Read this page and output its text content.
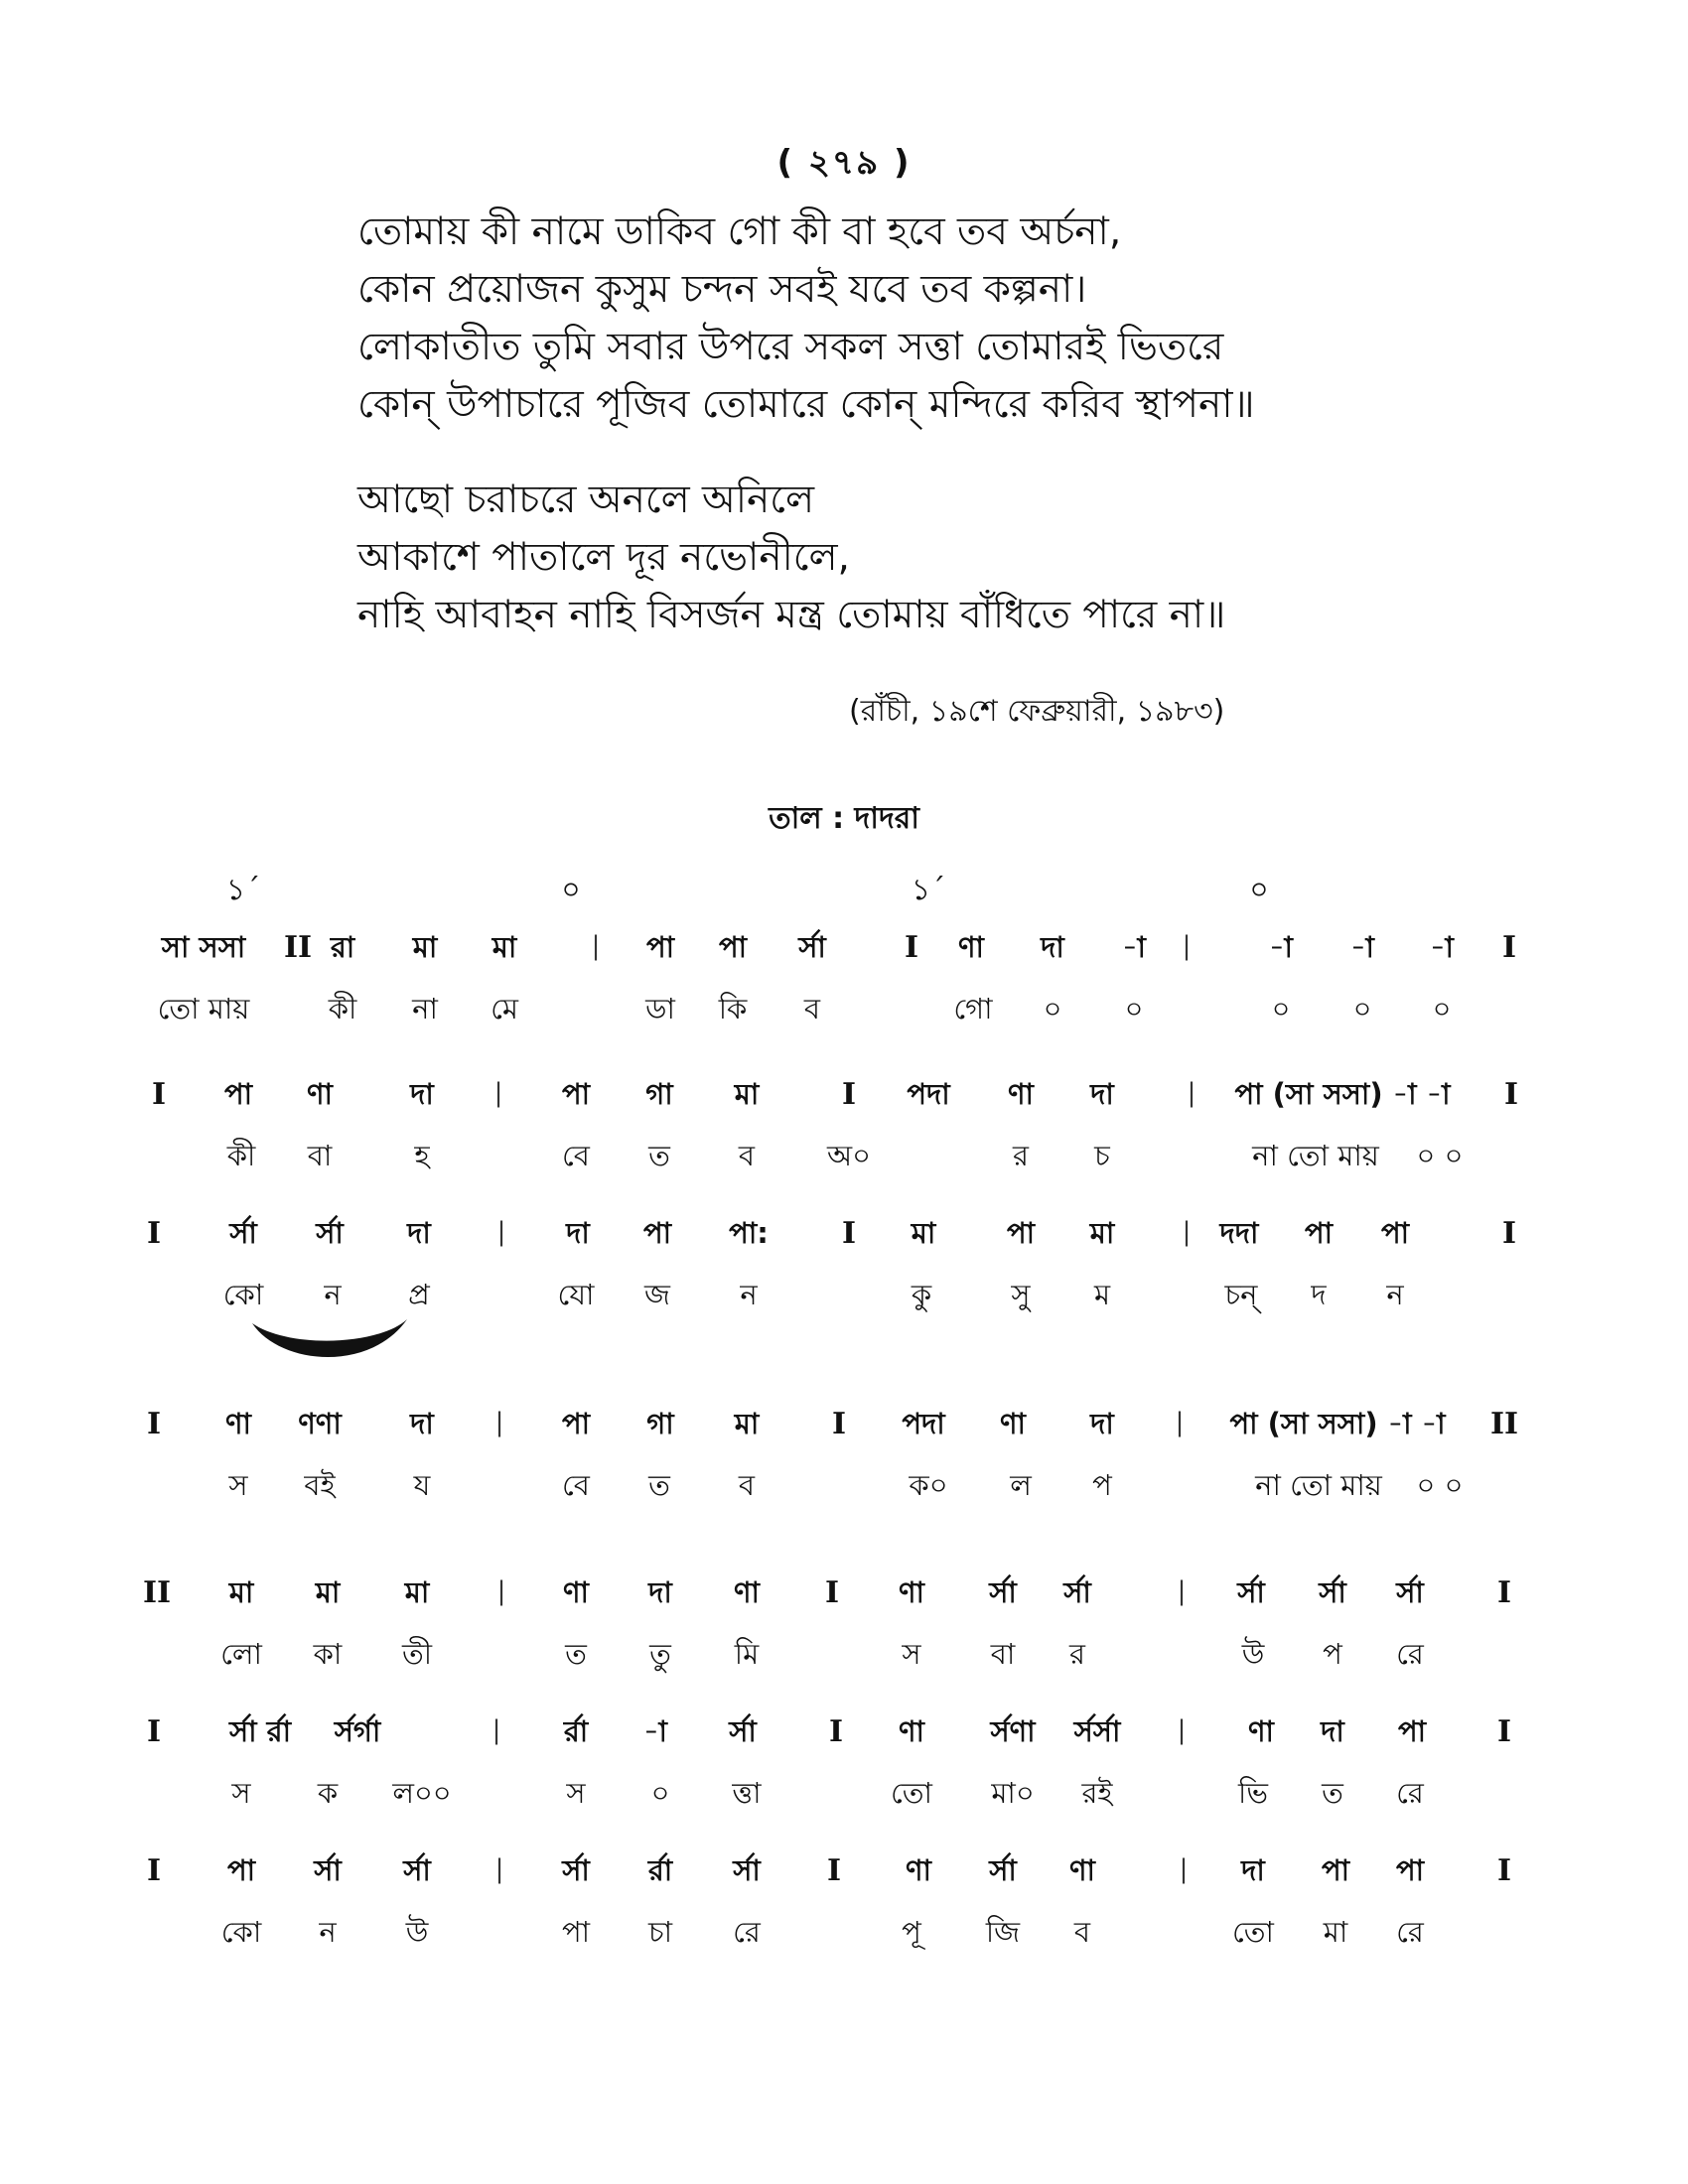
( ২৭৯ )
তোমায় কী নামে ডাকিব গো কী বা হবে তব অর্চনা,
কোন প্রয়োজন কুসুম চন্দন সবই যবে তব কল্পনা।
লোকাতীত তুমি সবার উপরে সকল সত্তা তোমারই ভিতরে
কোন্ উপাচারে পূজিব তোমারে কোন্ মন্দিরে করিব স্থাপনা॥
আছো চরাচরে অনলে অনিলে
আকাশে পাতালে দূর নভোনীলে,
নাহি আবাহন নাহি বিসর্জন মন্ত্র তোমায় বাঁধিতে পারে না॥
(রাঁচী, ১৯শে ফেব্রুয়ারী, ১৯৮৩)
তাল : দাদরা
১´	০	১´	০
সা সসা II রা মা মা	| পা পা র্সা	I ণা দা -া |	-া -া -া I
তো মায়	কী না মে	ডা কি ব	গো ০ ০	০ ০ ০
I পা ণা	দা | পা গা মা	I পদা ণা দা	| পা (সা সসা) -া -া I
কী বা	হ	বে ত ব	অ০	র চ	না তো মায় ০ ০
I র্সা র্সা দা	| দা পা পা: I মা পা মা	| দদা পা পা	I
কো ন প্র	যো জ ন	কু	সু ম	চন্ দ ন
I ণা ণণা দা | পা গা মা I পদা ণা দা | পা (সা সসা) -া -া II
স বই	য	বে ত ব	ক০ ল প	না তো মায় ০ ০
II মা মা মা	| ণা দা ণা I ণা র্সা র্সা	| র্সা র্সা র্সা I
লো কা তী	ত তু মি	স বা র	উ প রে
I র্সা র্রা র্সর্গা	| র্রা -া র্সা I ণা র্সণা র্সর্সা | ণা দা পা I
স ক ল০০	স ০ ত্তা	তো মা০ রই	ভি ত রে
I পা র্সা র্সা | র্সা র্রা র্সা I ণা র্সা ণা	| দা পা পা I
কো ন উ	পা চা রে	পূ জি ব	তো মা রে
